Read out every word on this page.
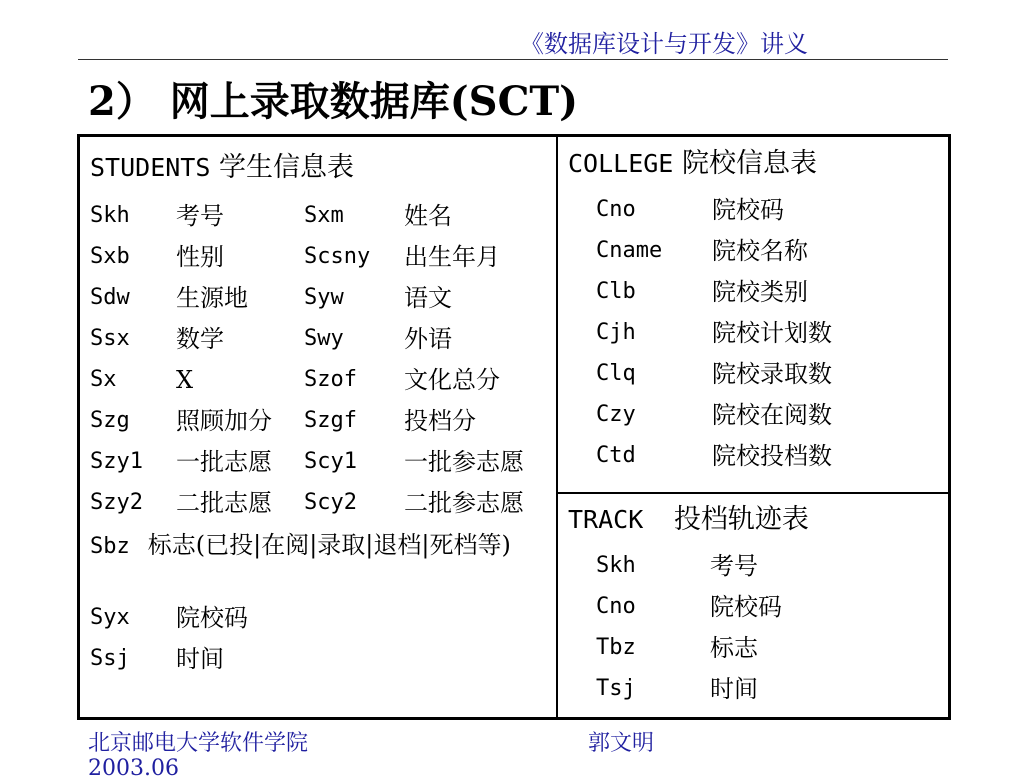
《数据库设计与开发》讲义
2） 网上录取数据库(SCT)
STUDENTS 学生信息表
Skh 考号	Sxm	姓名
Sxb 性别	Scsny 出生年月
Sdw 生源地	Syw	语文
Ssx 数学	Swy	外语
Sx X	Szof 文化总分
Szg 照顾加分 Szgf 投档分
Szy1 一批志愿 Scy1 一批参志愿
Szy2 二批志愿 Scy2 二批参志愿
Sbz 标志(已投|在阅|录取|退档|死档等)
Syx 院校码
Ssj 时间
COLLEGE 院校信息表
Cno	院校码
Cname 院校名称
Clb	院校类别
Cjh	院校计划数
Clq	院校录取数
Czy	院校在阅数
Ctd	院校投档数
TRACK 投档轨迹表
Skh	考号
Cno	院校码
Tbz	标志
Tsj	时间
北京邮电大学软件学院	郭文明
2003.06
